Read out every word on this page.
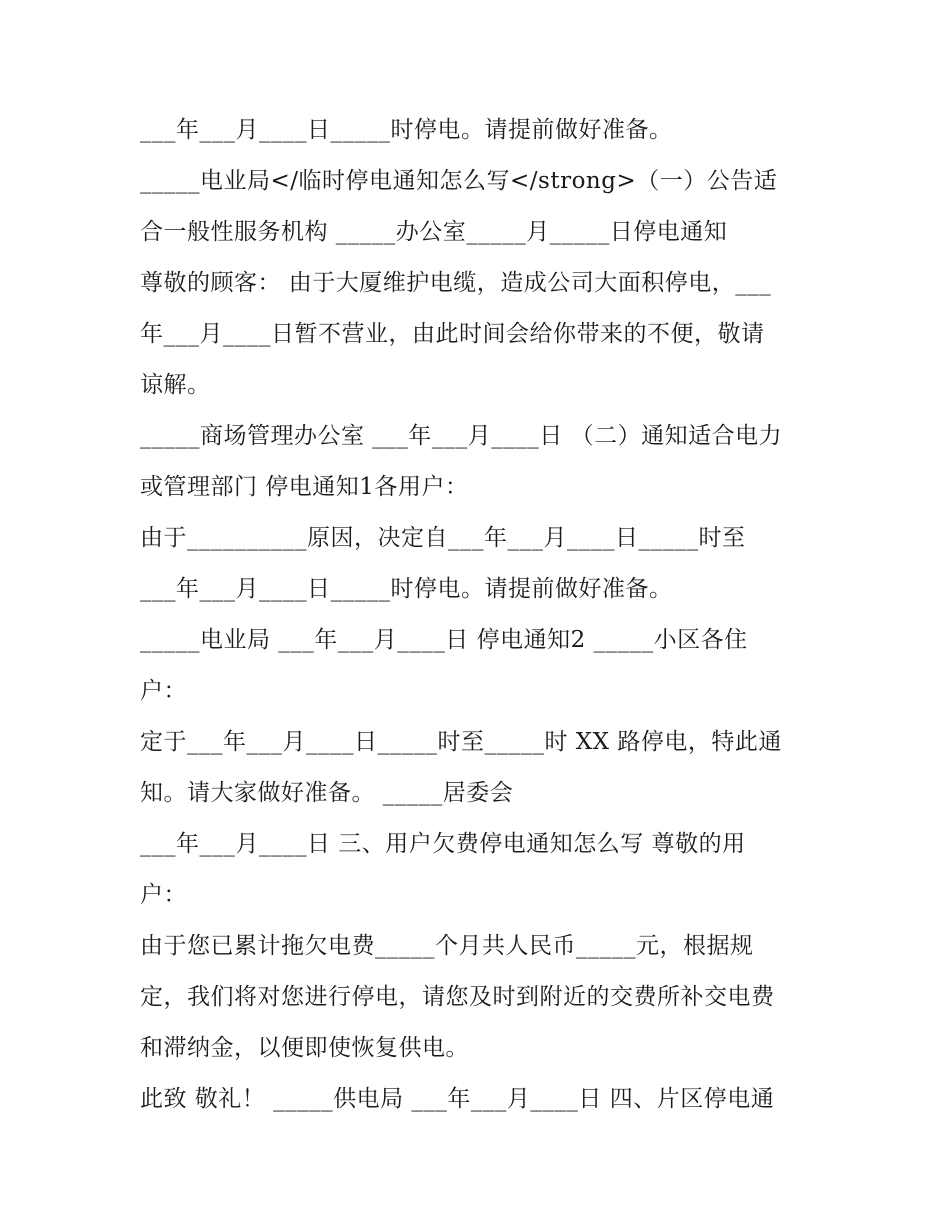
___年___月____日_____时停电。请提前做好准备。
_____电业局</临时停电通知怎么写</strong>（一）公告适
合一般性服务机构 _____办公室_____月_____日停电通知
尊敬的顾客： 由于大厦维护电缆，造成公司大面积停电，___
年___月____日暂不营业，由此时间会给你带来的不便，敬请
谅解。
_____商场管理办公室 ___年___月____日 （二）通知适合电力
或管理部门 停电通知1各用户：
由于__________原因，决定自___年___月____日_____时至
___年___月____日_____时停电。请提前做好准备。
_____电业局 ___年___月____日 停电通知2 _____小区各住
户：
定于___年___月____日_____时至_____时 XX 路停电，特此通
知。请大家做好准备。 _____居委会
___年___月____日 三、用户欠费停电通知怎么写 尊敬的用
户：
由于您已累计拖欠电费_____个月共人民币_____元，根据规
定，我们将对您进行停电，请您及时到附近的交费所补交电费
和滞纳金，以便即使恢复供电。
此致 敬礼！ _____供电局 ___年___月____日 四、片区停电通
